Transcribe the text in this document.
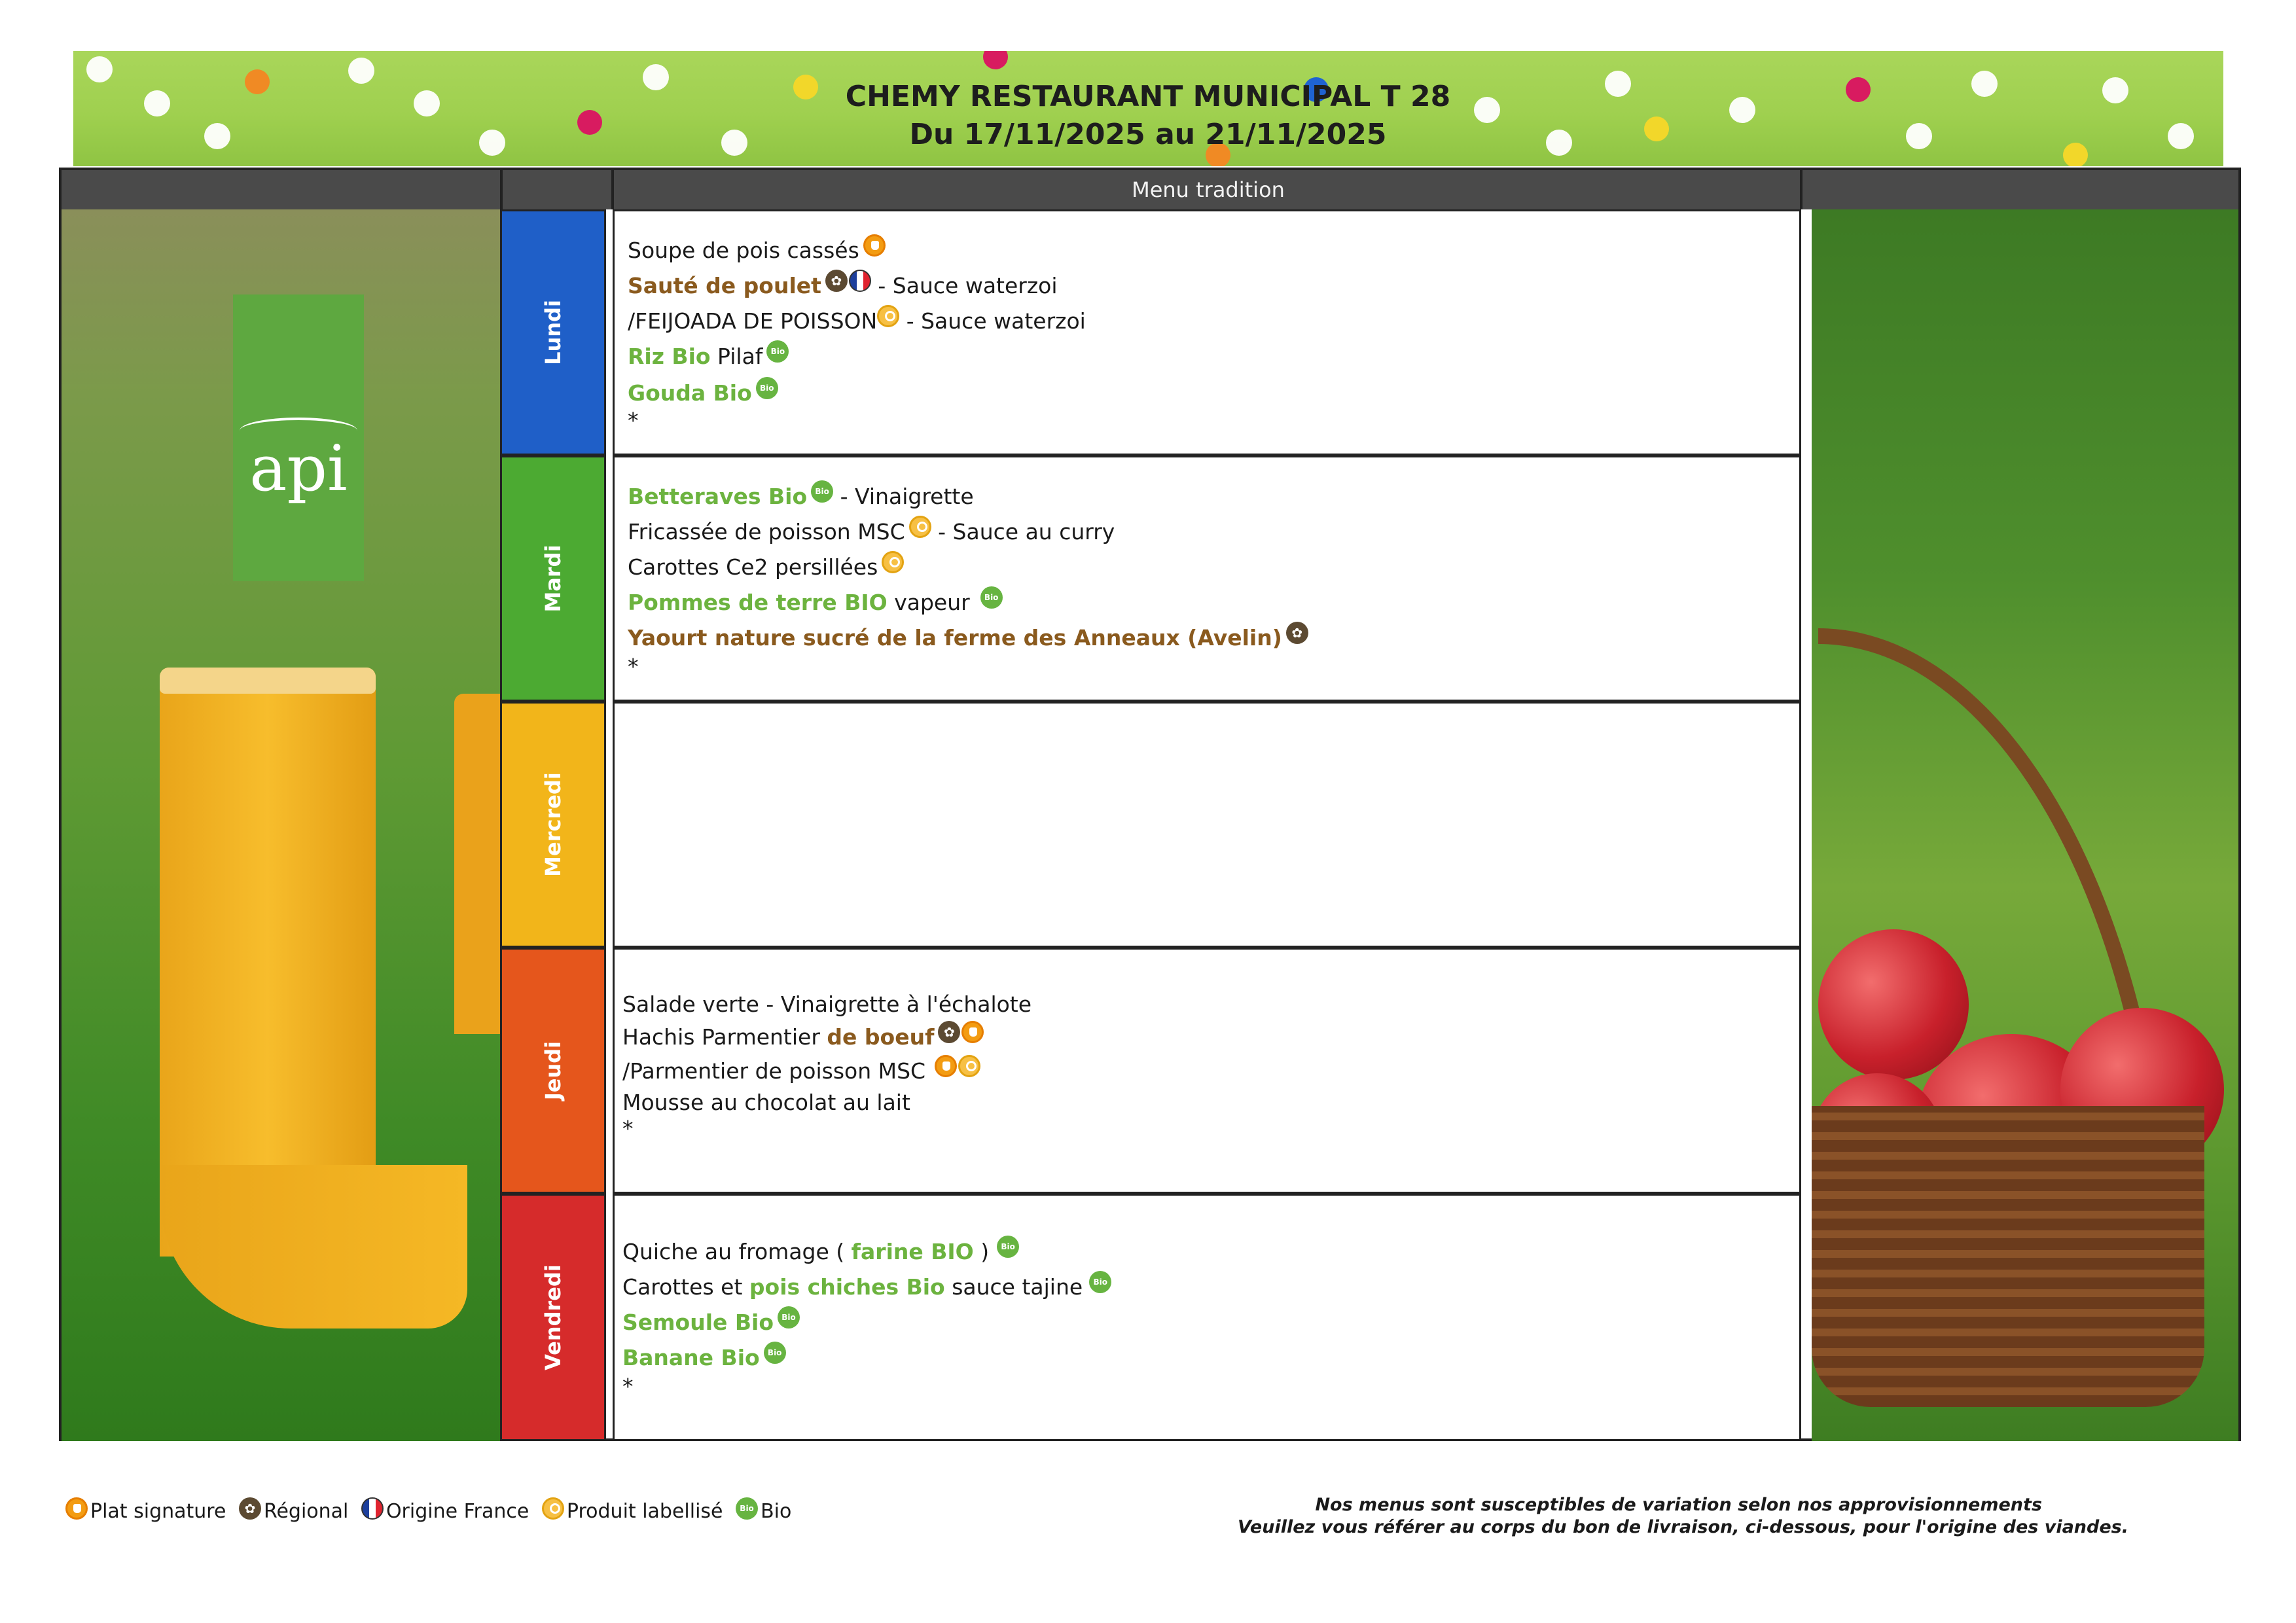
CHEMY RESTAURANT MUNICIPAL T 28
Du 17/11/2025 au 21/11/2025
Menu tradition
api
Lundi
Mardi
Mercredi
Jeudi
Vendredi
Soupe de pois cassés
Sauté de poulet✿ - Sauce waterzoi
/FEIJOADA DE POISSON - Sauce waterzoi
Riz Bio Pilaf Bio
Gouda Bio Bio
*
Betteraves Bio Bio - Vinaigrette
Fricassée de poisson MSC - Sauce au curry
Carottes Ce2 persillées
Pommes de terre BIO vapeur Bio
Yaourt nature sucré de la ferme des Anneaux (Avelin)✿
*
Salade verte - Vinaigrette à l'échalote
Hachis Parmentier de boeuf✿
/Parmentier de poisson MSC
Mousse au chocolat au lait
*
Quiche au fromage ( farine BIO ) Bio
Carottes et pois chiches Bio sauce tajine Bio
Semoule Bio Bio
Banane Bio Bio
*
Plat signature ✿ Régional Origine France Produit labellisé Bio Bio	Nos menus sont susceptibles de variation selon nos approvisionnements
Veuillez vous référer au corps du bon de livraison, ci-dessous, pour l'origine des viandes.
